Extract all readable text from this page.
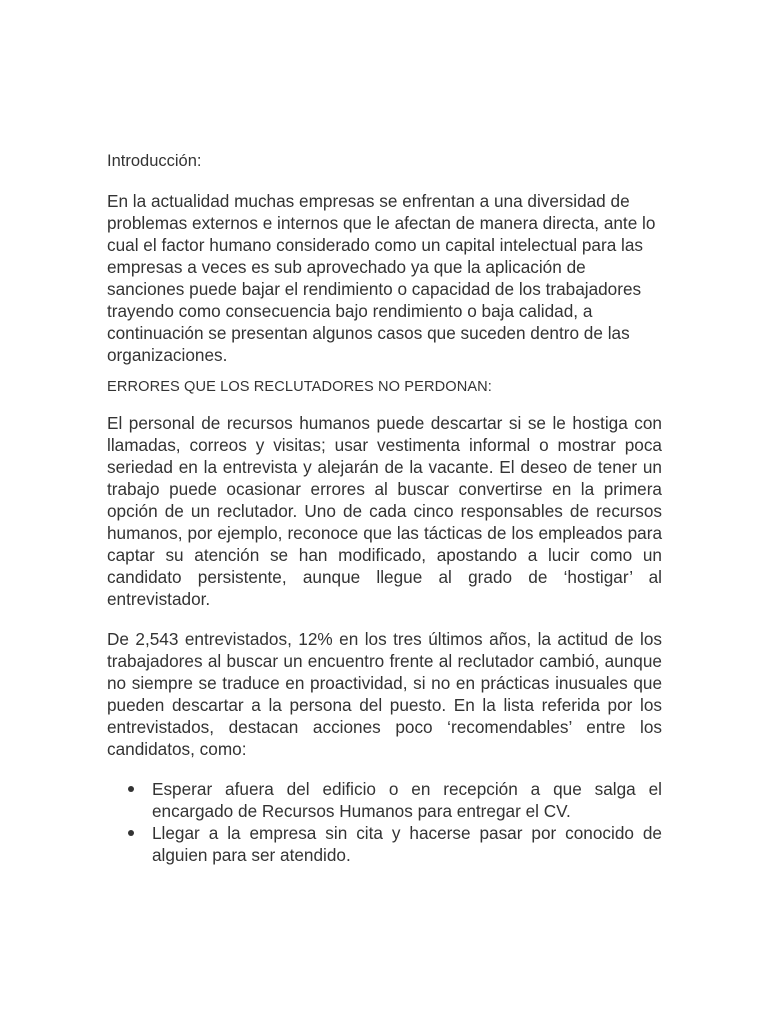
Introducción:

En la actualidad muchas empresas se enfrentan a una diversidad de problemas externos e internos que le afectan de manera directa, ante lo cual el factor humano considerado como un capital intelectual para las empresas a veces es sub aprovechado ya que la aplicación de sanciones puede bajar el rendimiento o capacidad de los trabajadores trayendo como consecuencia bajo rendimiento o baja calidad, a continuación se presentan algunos casos que suceden dentro de las organizaciones.

ERRORES QUE LOS RECLUTADORES NO PERDONAN:

El personal de recursos humanos puede descartar si se le hostiga con llamadas, correos y visitas; usar vestimenta informal o mostrar poca seriedad en la entrevista y alejarán de la vacante. El deseo de tener un trabajo puede ocasionar errores al buscar convertirse en la primera opción de un reclutador. Uno de cada cinco responsables de recursos humanos, por ejemplo, reconoce que las tácticas de los empleados para captar su atención se han modificado, apostando a lucir como un candidato persistente, aunque llegue al grado de ‘hostigar’ al entrevistador.

De 2,543 entrevistados, 12% en los tres últimos años, la actitud de los trabajadores al buscar un encuentro frente al reclutador cambió, aunque no siempre se traduce en proactividad, si no en prácticas inusuales que pueden descartar a la persona del puesto. En la lista referida por los entrevistados, destacan acciones poco ‘recomendables’ entre los candidatos, como:

Esperar afuera del edificio o en recepción a que salga el encargado de Recursos Humanos para entregar el CV.
Llegar a la empresa sin cita y hacerse pasar por conocido de alguien para ser atendido.
